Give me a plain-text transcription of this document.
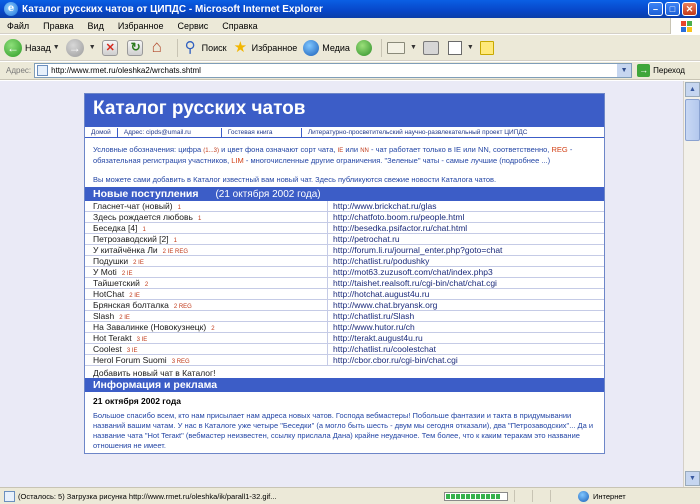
e Каталог русских чатов от ЦИПДС - Microsoft Internet Explorer	–	□	✕
Файл	Правка	Вид	Избранное	Сервис	Справка
← Назад ▼ →	▼ ✕ ↻ ⌂ ⚲	Поиск ★	Избранное	Медиа	▼	▼
Адрес:
http://www.rmet.ru/oleshka2/wrchats.shtml	▼	→ Переход
Каталог русских чатов
Домой	Адрес: cipds@umail.ru	Гостевая книга	Литературно-просветительский научно-развлекательный проект ЦИПДС
Условные обозначения: цифра (1...3) и цвет фона означают сорт чата, IE или NN - чат работает только в IE или NN, соответственно, REG - обязательная регистрация участников, LIM - многочисленные другие ограничения. "Зеленые" чаты - самые лучшие (подробнее ...)
Вы можете сами добавить в Каталог известный вам новый чат. Здесь публикуются свежие новости Каталога чатов.
Новые поступления (21 октября 2002 года)
Гласнет-чат (новый) 1	http://www.brickchat.ru/glas
Здесь рождается любовь 1	http://chatfoto.boom.ru/people.html
Беседка [4] 1	http://besedka.psifactor.ru/chat.html
Петрозаводский [2] 1	http://petrochat.ru
У китайчёнка Ли 2 IE REG	http://forum.li.ru/journal_enter.php?goto=chat
Подушки 2 IE	http://chatlist.ru/podushky
У Moti 2 IE	http://mot63.zuzusoft.com/chat/index.php3
Тайшетский 2	http://taishet.realsoft.ru/cgi-bin/chat/chat.cgi
HotChat 2 IE	http://hotchat.august4u.ru
Брянская болталка 2 REG	http://www.chat.bryansk.org
Slash 2 IE	http://chatlist.ru/Slash
На Завалинке (Новокузнецк) 2	http://www.hutor.ru/ch
Hot Terakt 3 IE	http://terakt.august4u.ru
Coolest 3 IE	http://chatlist.ru/coolestchat
Herol Forum Suomi 3 REG	http://cbor.cbor.ru/cgi-bin/chat.cgi
Добавить новый чат в Каталог!
Информация и реклама
21 октября 2002 года
Большое спасибо всем, кто нам присылает нам адреса новых чатов. Господа вебмастеры! Побольше фантазии и такта в придумывании названий вашим чатам. У нас в Каталоге уже четыре "Беседки" (а могло быть шесть - двум мы сегодня отказали), два "Петрозаводских"... Да и название чата "Hot Teraкt" (вебмастер неизвестен, ссылку прислала Дана) крайне неудачное. Тем более, что к каким теракам это название отношения не имеет.
▲
▼
(Осталось: 5) Загрузка рисунка http://www.rmet.ru/oleshka/ik/parall1-32.gif...	Интернет
